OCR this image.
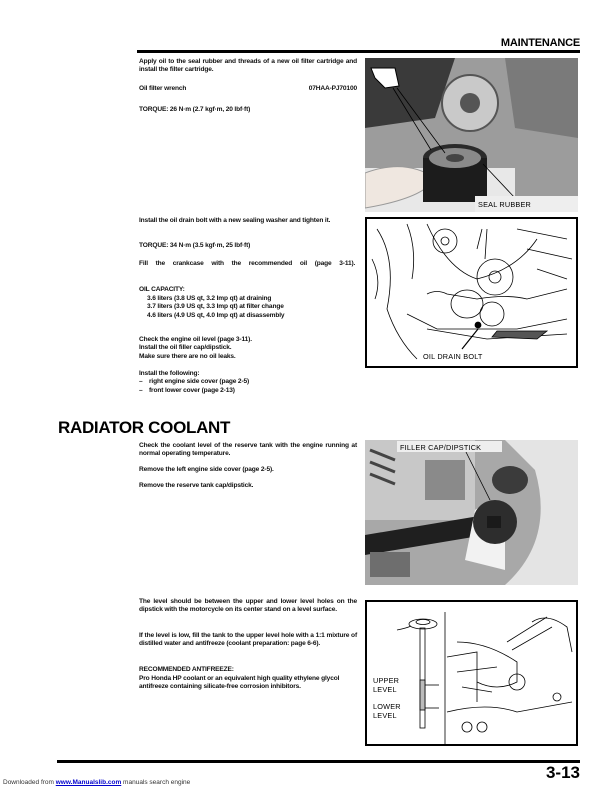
MAINTENANCE
Apply oil to the seal rubber and threads of a new oil filter cartridge and install the filter cartridge.
Oil filter wrench	07HAA-PJ70100
TORQUE: 26 N·m (2.7 kgf·m, 20 lbf·ft)
SEAL RUBBER
Install the oil drain bolt with a new sealing washer and tighten it.
TORQUE: 34 N·m (3.5 kgf·m, 25 lbf·ft)
Fill the crankcase with the recommended oil (page 3-11).
OIL CAPACITY:
3.6 liters (3.8 US qt, 3.2 Imp qt) at draining
3.7 liters (3.9 US qt, 3.3 Imp qt) at filter change
4.6 liters (4.9 US qt, 4.0 Imp qt) at disassembly
Check the engine oil level (page 3-11).
Install the oil filler cap/dipstick.
Make sure there are no oil leaks.
Install the following:
– right engine side cover (page 2-5)
– front lower cover (page 2-13)
OIL DRAIN BOLT
RADIATOR COOLANT
Check the coolant level of the reserve tank with the engine running at normal operating temperature.
Remove the left engine side cover (page 2-5).
Remove the reserve tank cap/dipstick.
FILLER CAP/DIPSTICK
The level should be between the upper and lower level holes on the dipstick with the motorcycle on its center stand on a level surface.
If the level is low, fill the tank to the upper level hole with a 1:1 mixture of distilled water and antifreeze (coolant preparation: page 6-6).
RECOMMENDED ANTIFREEZE:
Pro Honda HP coolant or an equivalent high quality ethylene glycol antifreeze containing silicate-free corrosion inhibitors.
UPPER LEVEL
LOWER LEVEL
3-13
Downloaded from www.Manualslib.com manuals search engine
